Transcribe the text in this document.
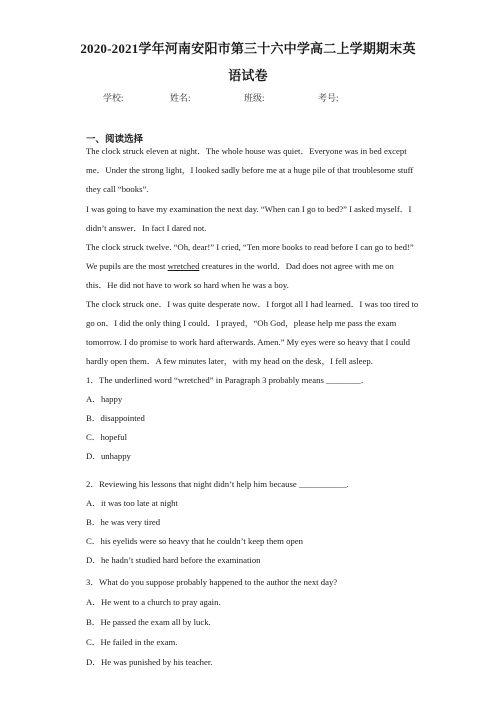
2020-2021学年河南安阳市第三十六中学高二上学期期末英
语试卷
学校:	姓名:	班级:	考号:
一、阅读选择
The clock struck eleven at night．The whole house was quiet．Everyone was in bed except
me．Under the strong light，I looked sadly before me at a huge pile of that troublesome stuff
they call “books”.
I was going to have my examination the next day. “When can I go to bed?” I asked myself．I
didn’t answer．In fact I dared not.
The clock struck twelve. “Oh, dear!” I cried, “Ten more books to read before I can go to bed!”
We pupils are the most wretched creatures in the world．Dad does not agree with me on
this．He did not have to work so hard when he was a boy.
The clock struck one．I was quite desperate now．I forgot all I had learned．I was too tired to
go on．I did the only thing I could．I prayed，“Oh God，please help me pass the exam
tomorrow. I do promise to work hard afterwards. Amen.” My eyes were so heavy that I could
hardly open them．A few minutes later，with my head on the desk，I fell asleep.
1．The underlined word “wretched” in Paragraph 3 probably means ________．
A．happy
B．disappointed
C．hopeful
D．unhappy
2．Reviewing his lessons that night didn’t help him because ___________.
A．it was too late at night
B．he was very tired
C．his eyelids were so heavy that he couldn’t keep them open
D．he hadn’t studied hard before the examination
3．What do you suppose probably happened to the author the next day?
A．He went to a church to pray again.
B．He passed the exam all by luck.
C．He failed in the exam.
D．He was punished by his teacher.
